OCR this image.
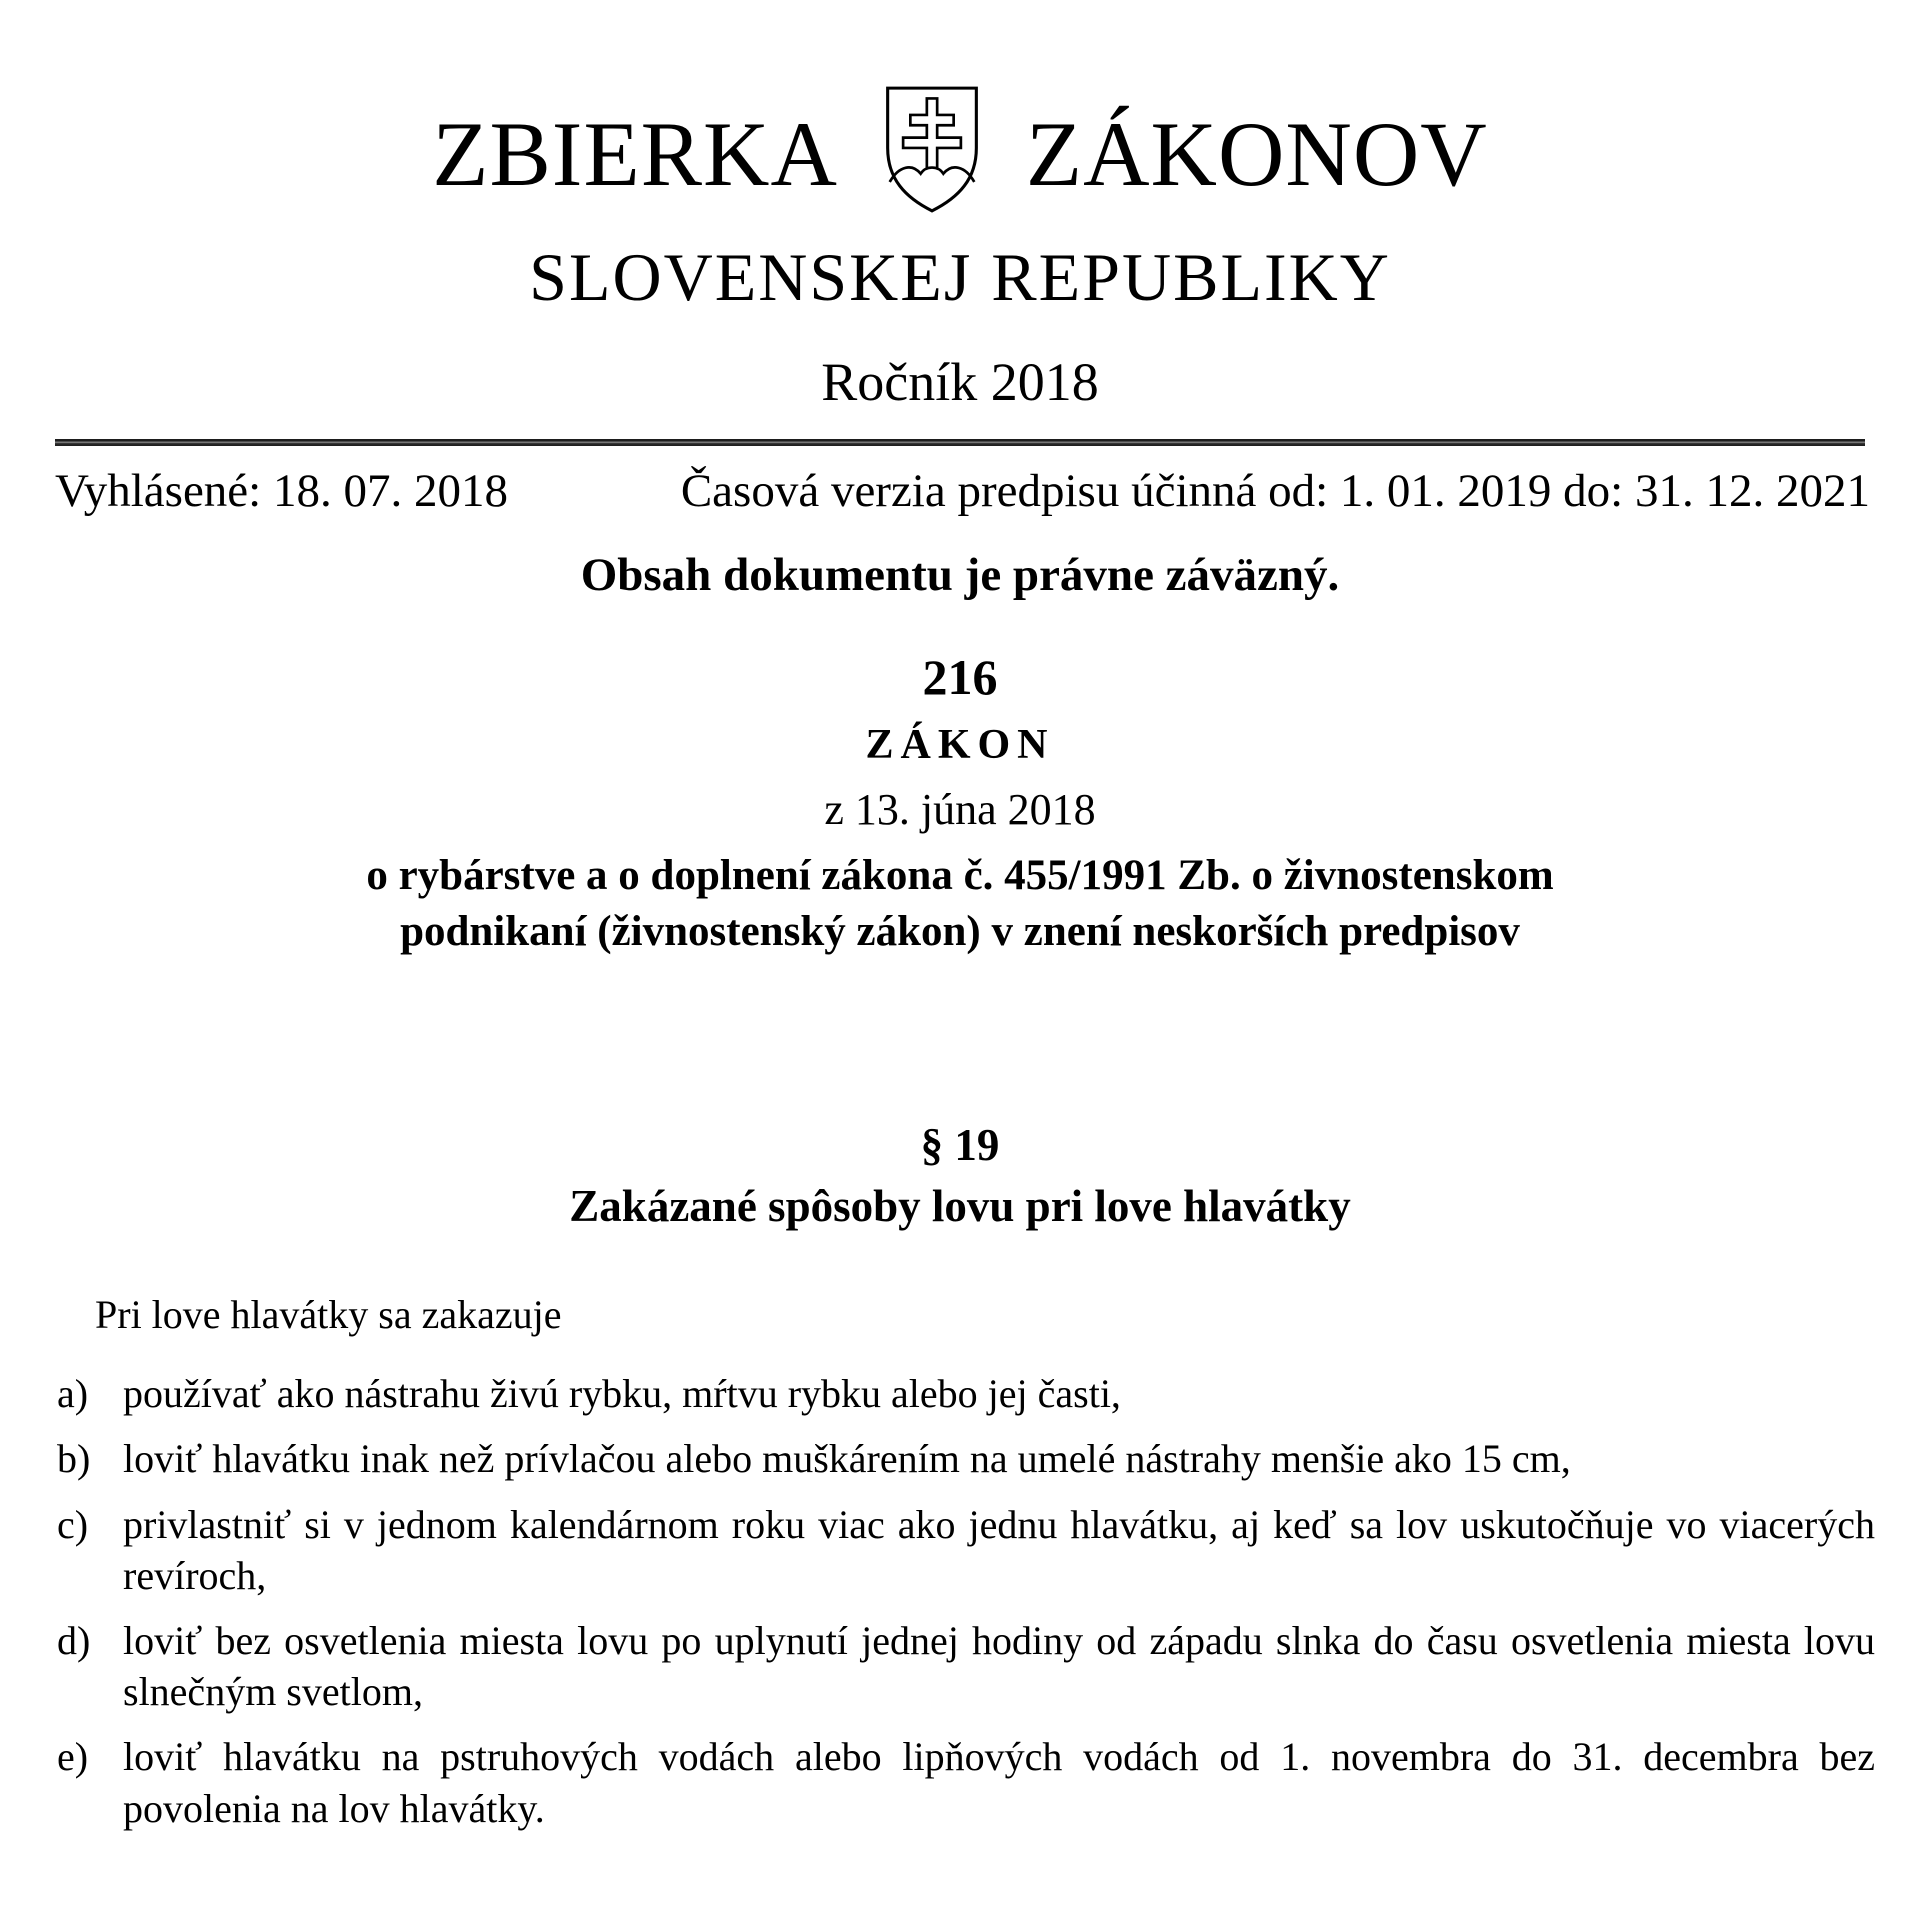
ZBIERKA ZÁKONOV
SLOVENSKEJ REPUBLIKY
Ročník 2018
Vyhlásené: 18. 07. 2018	Časová verzia predpisu účinná od: 1. 01. 2019 do: 31. 12. 2021
Obsah dokumentu je právne záväzný.
216
ZÁKON
z 13. júna 2018
o rybárstve a o doplnení zákona č. 455/1991 Zb. o živnostenskom
podnikaní (živnostenský zákon) v znení neskorších predpisov
§ 19
Zakázané spôsoby lovu pri love hlavátky
Pri love hlavátky sa zakazuje
a) používať ako nástrahu živú rybku, mŕtvu rybku alebo jej časti,
b) loviť hlavátku inak než prívlačou alebo muškárením na umelé nástrahy menšie ako 15 cm,
c) privlastniť si v jednom kalendárnom roku viac ako jednu hlavátku, aj keď sa lov uskutočňuje vo viacerých revíroch,
d) loviť bez osvetlenia miesta lovu po uplynutí jednej hodiny od západu slnka do času osvetlenia miesta lovu slnečným svetlom,
e) loviť hlavátku na pstruhových vodách alebo lipňových vodách od 1. novembra do 31. decembra bez povolenia na lov hlavátky.
